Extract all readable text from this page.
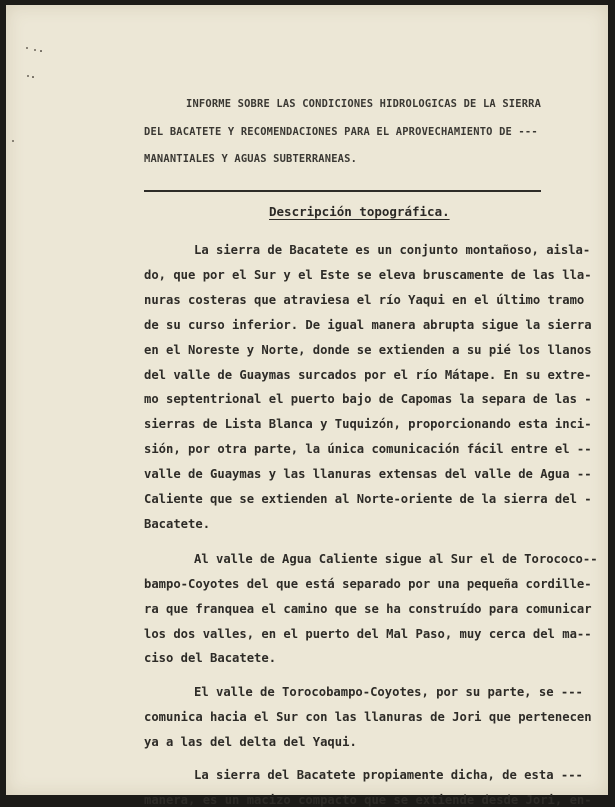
INFORME SOBRE LAS CONDICIONES HIDROLOGICAS DE LA SIERRA
DEL BACATETE Y RECOMENDACIONES PARA EL APROVECHAMIENTO DE ---
MANANTIALES Y AGUAS SUBTERRANEAS.
Descripción topográfica.
La sierra de Bacatete es un conjunto montañoso, aisla-
do, que por el Sur y el Este se eleva bruscamente de las lla-
nuras costeras que atraviesa el río Yaqui en el último tramo
de su curso inferior. De igual manera abrupta sigue la sierra
en el Noreste y Norte, donde se extienden a su pié los llanos
del valle de Guaymas surcados por el río Mátape. En su extre-
mo septentrional el puerto bajo de Capomas la separa de las -
sierras de Lista Blanca y Tuquizón, proporcionando esta inci-
sión, por otra parte, la única comunicación fácil entre el --
valle de Guaymas y las llanuras extensas del valle de Agua --
Caliente que se extienden al Norte-oriente de la sierra del -
Bacatete.
Al valle de Agua Caliente sigue al Sur el de Torococo--
bampo-Coyotes del que está separado por una pequeña cordille-
ra que franquea el camino que se ha construído para comunicar
los dos valles, en el puerto del Mal Paso, muy cerca del ma--
ciso del Bacatete.
El valle de Torocobampo-Coyotes, por su parte, se ---
comunica hacia el Sur con las llanuras de Jori que pertenecen
ya a las del delta del Yaqui.
La sierra del Bacatete propiamente dicha, de esta ---
manera, es un macizo compacto que se extiende desde Jori, en-
